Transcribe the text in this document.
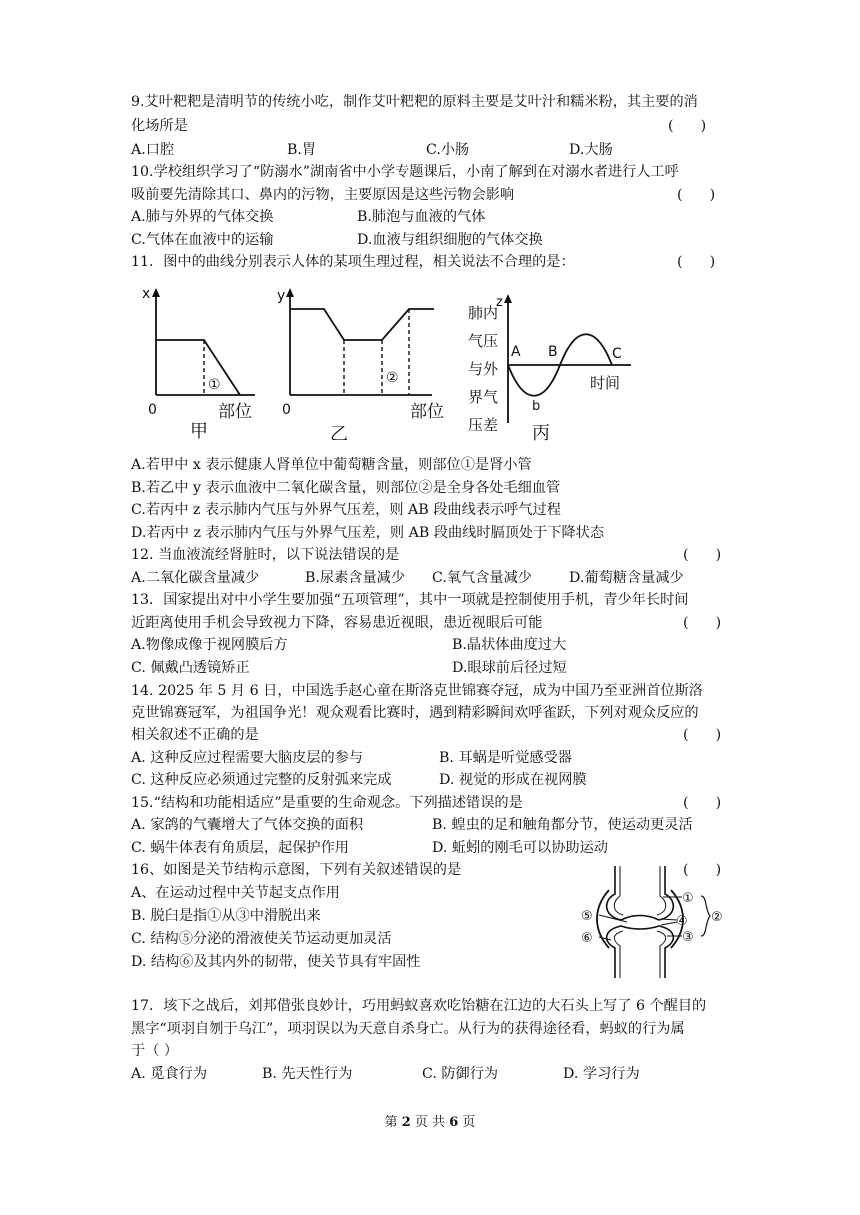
9.艾叶粑粑是清明节的传统小吃，制作艾叶粑粑的原料主要是艾叶汁和糯米粉，其主要的消
化场所是	(      )
A.口腔	B.胃	C.小肠	D.大肠
10.学校组织学习了“防溺水”湖南省中小学专题课后，小南了解到在对溺水者进行人工呼
吸前要先清除其口、鼻内的污物，主要原因是这些污物会影响	(      )
A.肺与外界的气体交换	B.肺泡与血液的气体
C.气体在血液中的运输	D.血液与组织细胞的气体交换
11．图中的曲线分别表示人体的某项生理过程，相关说法不合理的是：	(      )
x
0
①
部位
甲
y
0
②
部位
乙
z
肺内
气压
与外
界气
压差
A B	C
b
时间
丙
A.若甲中 x 表示健康人肾单位中葡萄糖含量，则部位①是肾小管
B.若乙中 y 表示血液中二氧化碳含量，则部位②是全身各处毛细血管
C.若丙中 z 表示肺内气压与外界气压差，则 AB 段曲线表示呼气过程
D.若丙中 z 表示肺内气压与外界气压差，则 AB 段曲线时膈顶处于下降状态
12. 当血液流经肾脏时，以下说法错误的是	(      )
A.二氧化碳含量减少	B.尿素含量减少 C.氧气含量减少	D.葡萄糖含量减少
13．国家提出对中小学生要加强“五项管理”，其中一项就是控制使用手机，青少年长时间
近距离使用手机会导致视力下降，容易患近视眼，患近视眼后可能	(      )
A.物像成像于视网膜后方	B.晶状体曲度过大
C. 佩戴凸透镜矫正	D.眼球前后径过短
14. 2025 年 5 月 6 日，中国选手赵心童在斯洛克世锦赛夺冠，成为中国乃至亚洲首位斯洛
克世锦赛冠军，为祖国争光！观众观看比赛时，遇到精彩瞬间欢呼雀跃，下列对观众反应的
相关叙述不正确的是	(      )
A. 这种反应过程需要大脑皮层的参与	B. 耳蜗是听觉感受器
C. 这种反应必须通过完整的反射弧来完成	D. 视觉的形成在视网膜
15.“结构和功能相适应”是重要的生命观念。下列描述错误的是	(      )
A. 家鸽的气囊增大了气体交换的面积	B. 蝗虫的足和触角都分节，使运动更灵活
C. 蜗牛体表有角质层，起保护作用	D. 蚯蚓的刚毛可以协助运动
16、如图是关节结构示意图，下列有关叙述错误的是	(      )
A、在运动过程中关节起支点作用
B. 脱臼是指①从③中滑脱出来
C. 结构⑤分泌的滑液使关节运动更加灵活
D. 结构⑥及其内外的韧带，使关节具有牢固性
①
②
③
④
⑤
⑥
17．垓下之战后，刘邦借张良妙计，巧用蚂蚁喜欢吃饴糖在江边的大石头上写了 6 个醒目的
黑字“项羽自刎于乌江”，项羽误以为天意自杀身亡。从行为的获得途径看，蚂蚁的行为属
于（ ）
A. 觅食行为	B. 先天性行为	C. 防御行为	D. 学习行为
第 2 页 共 6 页
